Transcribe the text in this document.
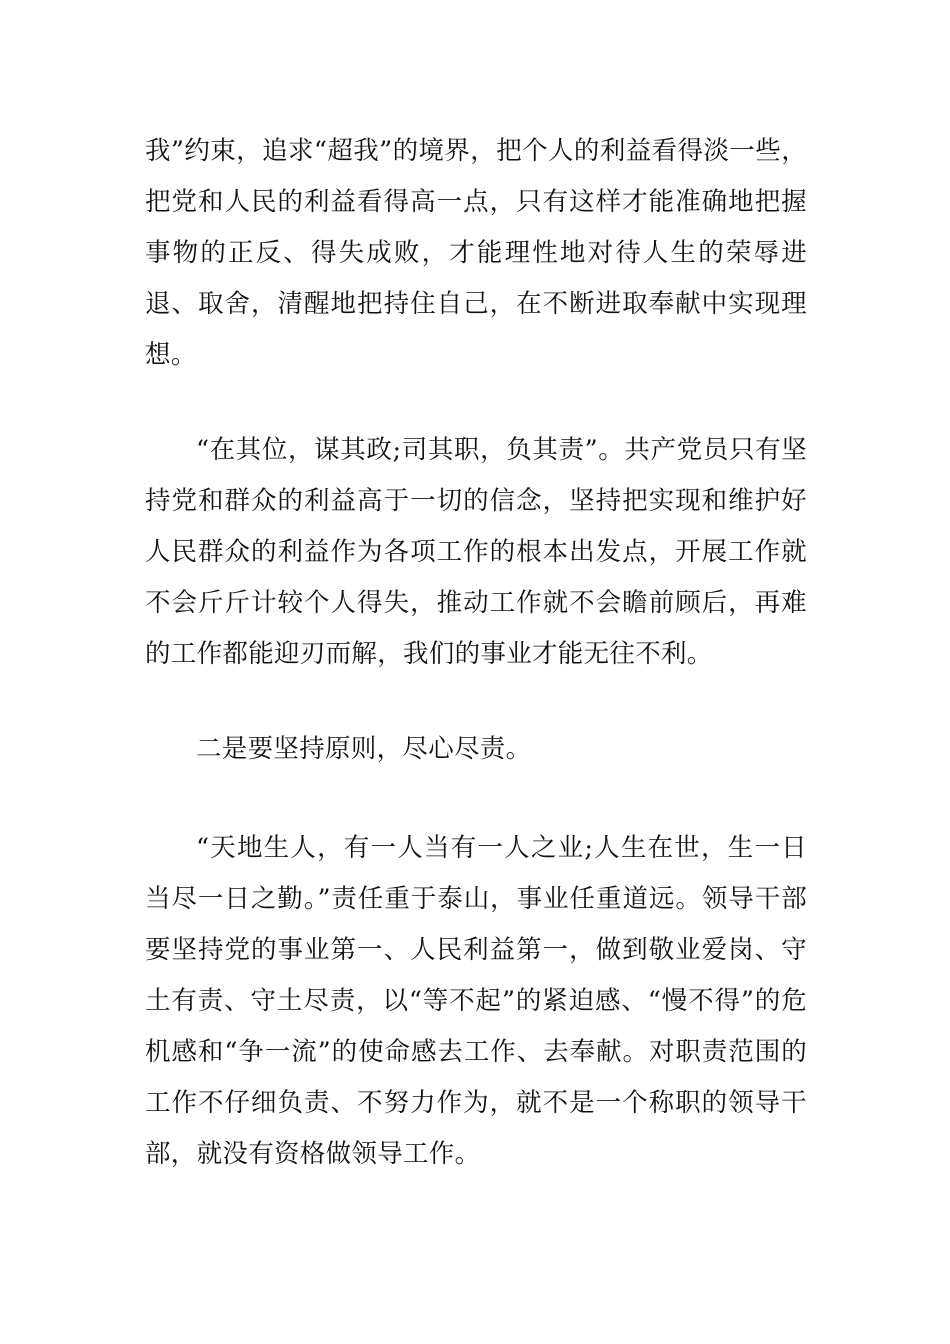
我”约束，追求“超我”的境界，把个人的利益看得淡一些，把党和人民的利益看得高一点，只有这样才能准确地把握事物的正反、得失成败，才能理性地对待人生的荣辱进退、取舍，清醒地把持住自己，在不断进取奉献中实现理想。

“在其位，谋其政;司其职，负其责”。共产党员只有坚持党和群众的利益高于一切的信念，坚持把实现和维护好人民群众的利益作为各项工作的根本出发点，开展工作就不会斤斤计较个人得失，推动工作就不会瞻前顾后，再难的工作都能迎刃而解，我们的事业才能无往不利。

二是要坚持原则，尽心尽责。

“天地生人，有一人当有一人之业;人生在世，生一日当尽一日之勤。”责任重于泰山，事业任重道远。领导干部要坚持党的事业第一、人民利益第一，做到敬业爱岗、守土有责、守土尽责，以“等不起”的紧迫感、“慢不得”的危机感和“争一流”的使命感去工作、去奉献。对职责范围的工作不仔细负责、不努力作为，就不是一个称职的领导干部，就没有资格做领导工作。
